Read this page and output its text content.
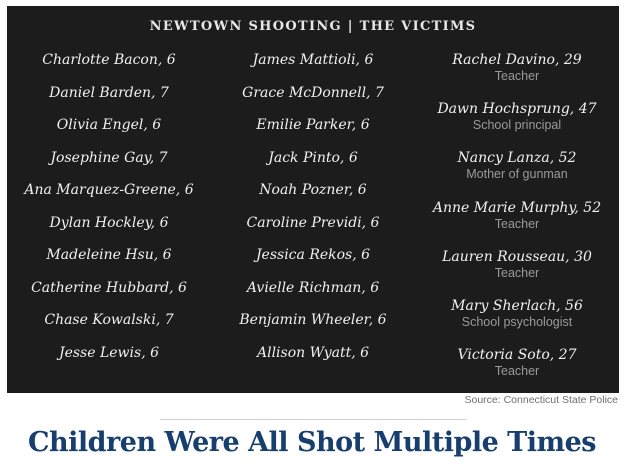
NEWTOWN SHOOTING | THE VICTIMS
Charlotte Bacon, 6
Daniel Barden, 7
Olivia Engel, 6
Josephine Gay, 7
Ana Marquez-Greene, 6
Dylan Hockley, 6
Madeleine Hsu, 6
Catherine Hubbard, 6
Chase Kowalski, 7
Jesse Lewis, 6
James Mattioli, 6
Grace McDonnell, 7
Emilie Parker, 6
Jack Pinto, 6
Noah Pozner, 6
Caroline Previdi, 6
Jessica Rekos, 6
Avielle Richman, 6
Benjamin Wheeler, 6
Allison Wyatt, 6
Rachel Davino, 29
Teacher
Dawn Hochsprung, 47
School principal
Nancy Lanza, 52
Mother of gunman
Anne Marie Murphy, 52
Teacher
Lauren Rousseau, 30
Teacher
Mary Sherlach, 56
School psychologist
Victoria Soto, 27
Teacher
Source: Connecticut State Police
Children Were All Shot Multiple Times
